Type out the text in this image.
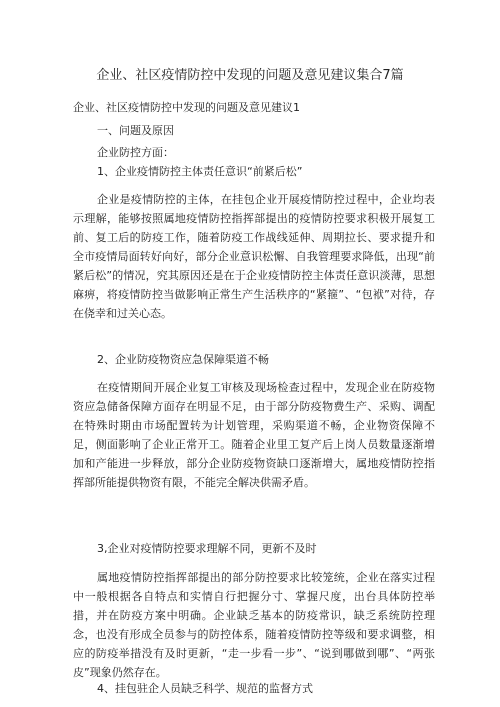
企业、社区疫情防控中发现的问题及意见建议集合7篇
企业、社区疫情防控中发现的问题及意见建议1
一、问题及原因
企业防控方面：
1、企业疫情防控主体责任意识“前紧后松”

企业是疫情防控的主体，在挂包企业开展疫情防控过程中，企业均表示理解，能够按照属地疫情防控指挥部提出的疫情防控要求积极开展复工前、复工后的防疫工作，随着防疫工作战线延伸、周期拉长、要求提升和全市疫情局面转好向好，部分企业意识松懈、自我管理要求降低，出现“前紧后松”的情况，究其原因还是在于企业疫情防控主体责任意识淡薄，思想麻痹，将疫情防控当做影响正常生产生活秩序的“紧箍”、“包袱”对待，存在侥幸和过关心态。

2、企业防疫物资应急保障渠道不畅

在疫情期间开展企业复工审核及现场检查过程中，发现企业在防疫物资应急储备保障方面存在明显不足，由于部分防疫物费生产、采购、调配在特殊时期由市场配置转为计划管理，采购渠道不畅，企业物资保障不足，侧面影响了企业正常开工。随着企业里工复产后上岗人员数量逐渐增加和产能进一步释放，部分企业防疫物资缺口逐渐增大，属地疫情防控指挥部所能提供物资有限，不能完全解决供需矛盾。

3,企业对疫情防控要求理解不同，更新不及时

属地疫情防控指挥部提出的部分防控要求比较笼统，企业在落实过程中一般根据各自特点和实情自行把握分寸、掌握尺度，出台具体防控举措，并在防疫方案中明确。企业缺乏基本的防疫常识，缺乏系统防控理念，也没有形成全员参与的防控体系，随着疫情防控等级和要求调整，相应的防疫举措没有及时更新，“走一步看一步”、“说到哪做到哪”、“两张皮”现象仍然存在。

4、挂包驻企人员缺乏科学、规范的监督方式
